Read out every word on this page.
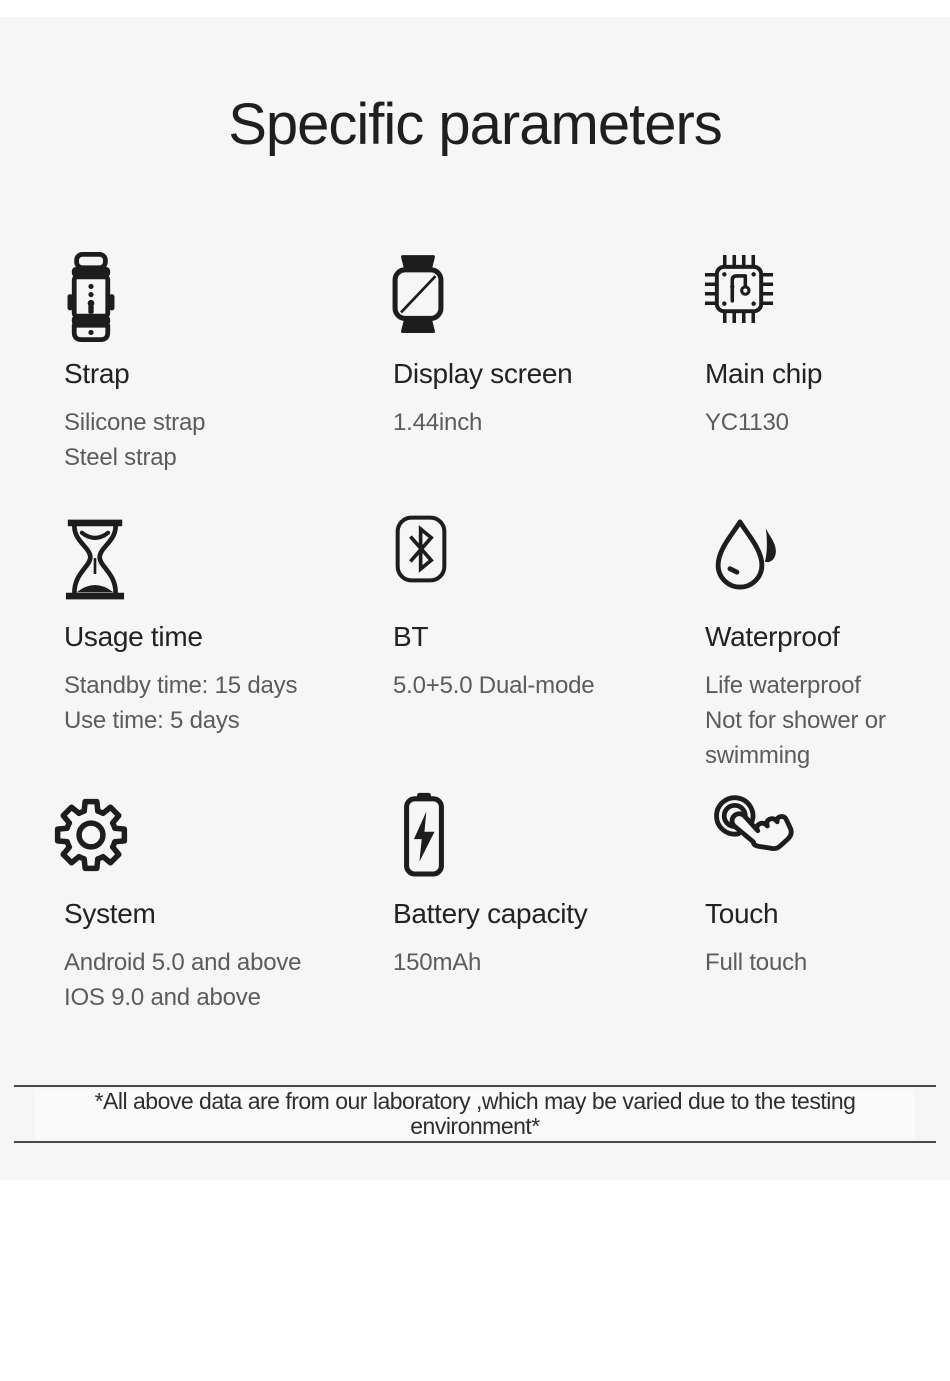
Specific parameters
Strap
Silicone strap
Steel strap
Display screen
1.44inch
Main chip
YC1130
Usage time
Standby time: 15 days
Use time: 5 days
BT
5.0+5.0 Dual-mode
Waterproof
Life waterproof
Not for shower or swimming
System
Android 5.0 and above
IOS 9.0 and above
Battery capacity
150mAh
Touch
Full touch

*All above data are from our laboratory ,which may be varied due to the testing environment*
